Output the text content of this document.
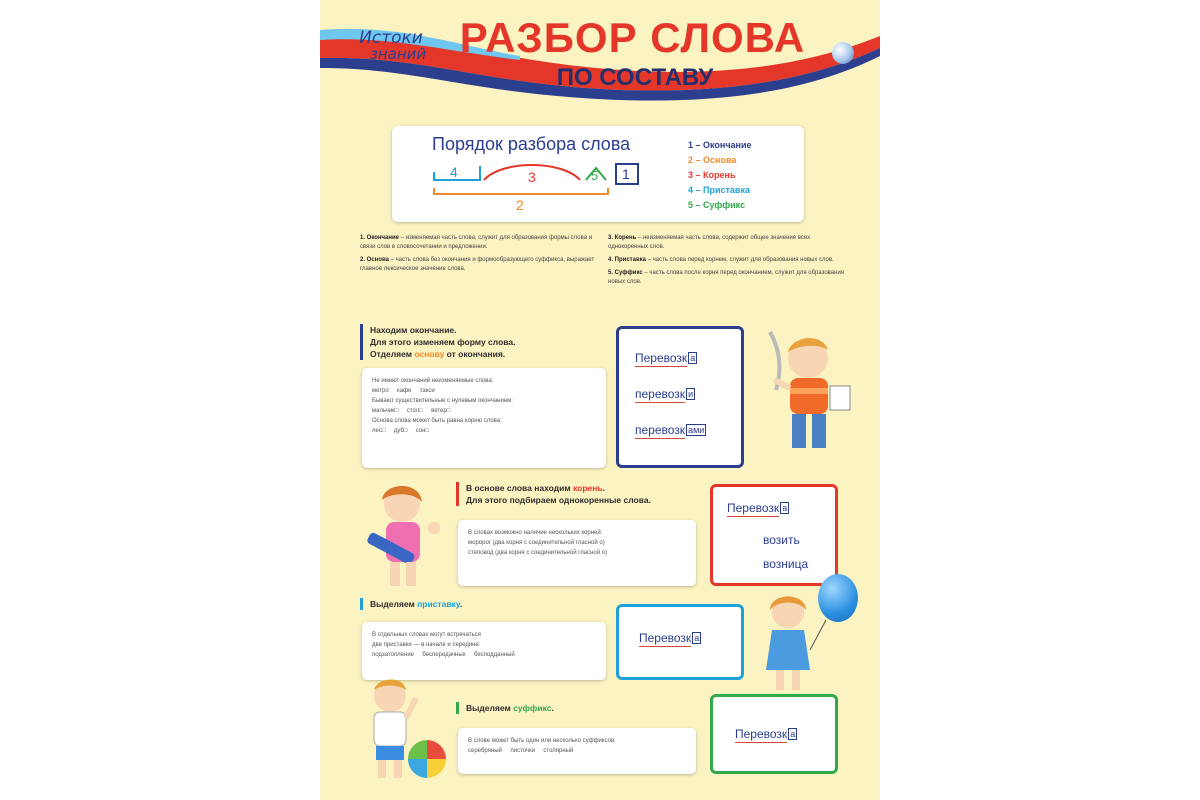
Истоки
знаний РАЗБОР СЛОВА
ПО СОСТАВУ
Порядок разбора слова
4	3	5 1
2
1 – Окончание
2 – Основа
3 – Корень
4 – Приставка
5 – Суффикс

1. Окончание – изменяемая часть слова, служит для образования формы слова и связи слов в словосочетании и предложении.

2. Основа – часть слова без окончания и формообразующего суффикса, выражает главное лексическое значение слова.

3. Корень – неизменяемая часть слова, содержит общее значение всех однокоренных слов.

4. Приставка – часть слова перед корнем, служит для образования новых слов.

5. Суффикс – часть слова после корня перед окончанием, служит для образования новых слов.

Находим окончание.
Для этого изменяем форму слова.
Отделяем основу от окончания.
Не имеют окончаний неизменяемые слова:
метро     кафе     такси
Бывают существительные с нулевым окончанием:
мальчик□     стол□     ветер□
Основа слова может быть равна корню слова:
лес□     дуб□     сон□
Перевозк а
перевозк и
перевозк ами
В основе слова находим корень.
Для этого подбираем однокоренные слова.
В словах возможно наличие нескольких корней:
моророг (два корня с соединительной гласной о)
степовод (два корня с соединительной гласной о)
Перевозк а
возить
возница
Выделяем приставку.
В отдельных словах могут встречаться
две приставки — в начале и середине:
подзатопление     беспередачных     бесподданный
Перевозк а
Выделяем суффикс.
В слове может быть один или несколько суффиксов:
серебряный     листочки     столярный
Перевозк а
